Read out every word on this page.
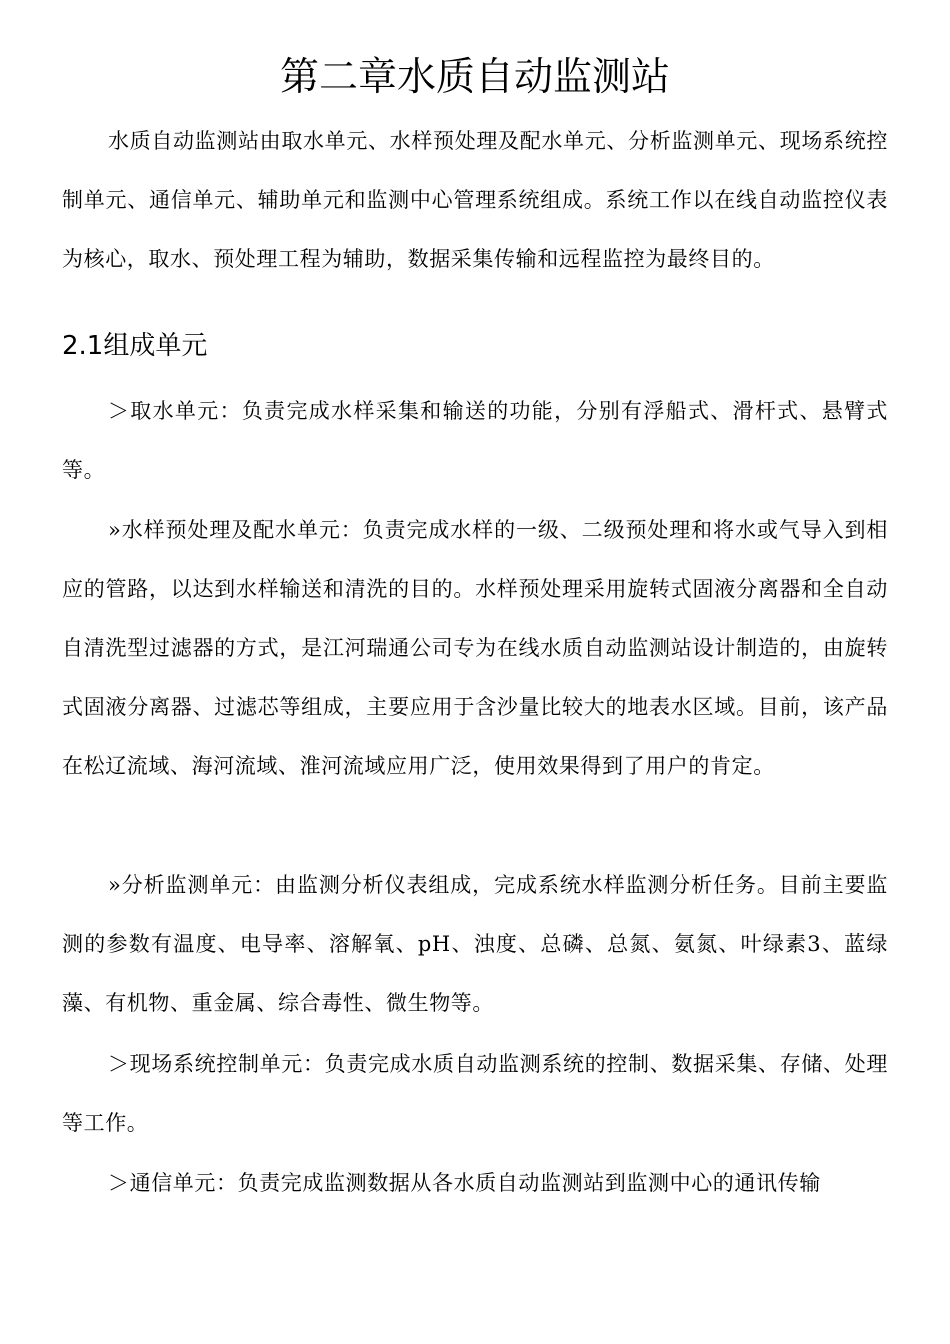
第二章水质自动监测站

水质自动监测站由取水单元、水样预处理及配水单元、分析监测单元、现场系统控制单元、通信单元、辅助单元和监测中心管理系统组成。系统工作以在线自动监控仪表为核心，取水、预处理工程为辅助，数据采集传输和远程监控为最终目的。

2.1组成单元

＞取水单元：负责完成水样采集和输送的功能，分别有浮船式、滑杆式、悬臂式等。

»水样预处理及配水单元：负责完成水样的一级、二级预处理和将水或气导入到相应的管路，以达到水样输送和清洗的目的。水样预处理采用旋转式固液分离器和全自动自清洗型过滤器的方式，是江河瑞通公司专为在线水质自动监测站设计制造的，由旋转式固液分离器、过滤芯等组成，主要应用于含沙量比较大的地表水区域。目前，该产品在松辽流域、海河流域、淮河流域应用广泛，使用效果得到了用户的肯定。

»分析监测单元：由监测分析仪表组成，完成系统水样监测分析任务。目前主要监测的参数有温度、电导率、溶解氧、pH、浊度、总磷、总氮、氨氮、叶绿素3、蓝绿藻、有机物、重金属、综合毒性、微生物等。

＞现场系统控制单元：负责完成水质自动监测系统的控制、数据采集、存储、处理等工作。

＞通信单元：负责完成监测数据从各水质自动监测站到监测中心的通讯传输
